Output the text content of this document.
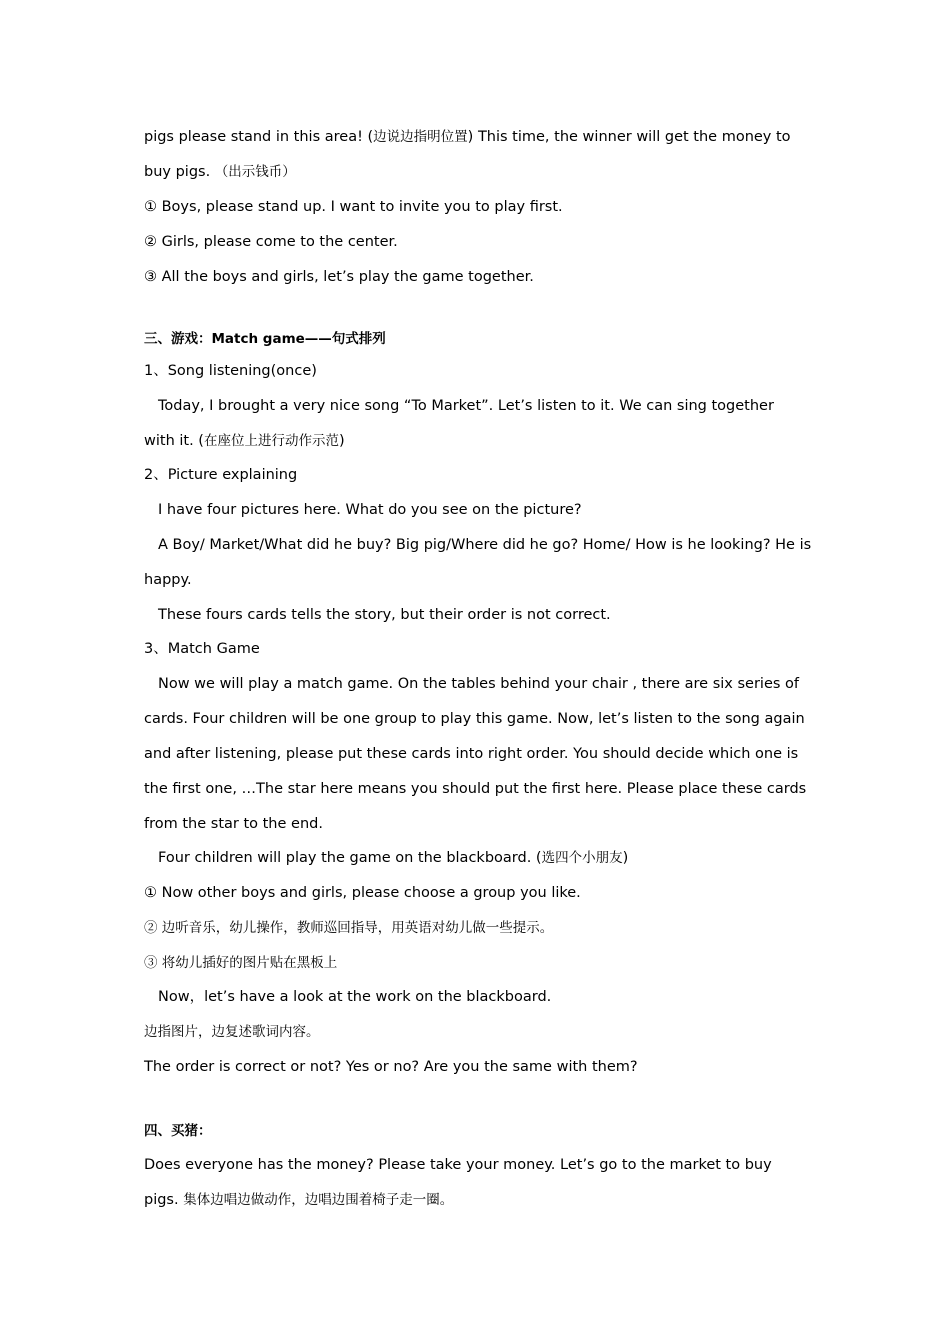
pigs please stand in this area! (边说边指明位置) This time, the winner will get the money to
buy pigs. （出示钱币）
① Boys, please stand up. I want to invite you to play first.
② Girls, please come to the center.
③ All the boys and girls, let’s play the game together.
三、游戏：Match game——句式排列
1、Song listening(once)
Today, I brought a very nice song “To Market”. Let’s listen to it. We can sing together
with it. (在座位上进行动作示范)
2、Picture explaining
I have four pictures here. What do you see on the picture?
A Boy/ Market/What did he buy? Big pig/Where did he go? Home/ How is he looking? He is
happy.
These fours cards tells the story, but their order is not correct.
3、Match Game
Now we will play a match game. On the tables behind your chair , there are six series of
cards. Four children will be one group to play this game. Now, let’s listen to the song again
and after listening, please put these cards into right order. You should decide which one is
the first one, …The star here means you should put the first here. Please place these cards
from the star to the end.
Four children will play the game on the blackboard. (选四个小朋友)
① Now other boys and girls, please choose a group you like.
② 边听音乐，幼儿操作，教师巡回指导，用英语对幼儿做一些提示。
③ 将幼儿插好的图片贴在黑板上
Now，let’s have a look at the work on the blackboard.
边指图片，边复述歌词内容。
The order is correct or not? Yes or no? Are you the same with them?
四、买猪：
Does everyone has the money? Please take your money. Let’s go to the market to buy
pigs. 集体边唱边做动作，边唱边围着椅子走一圈。
